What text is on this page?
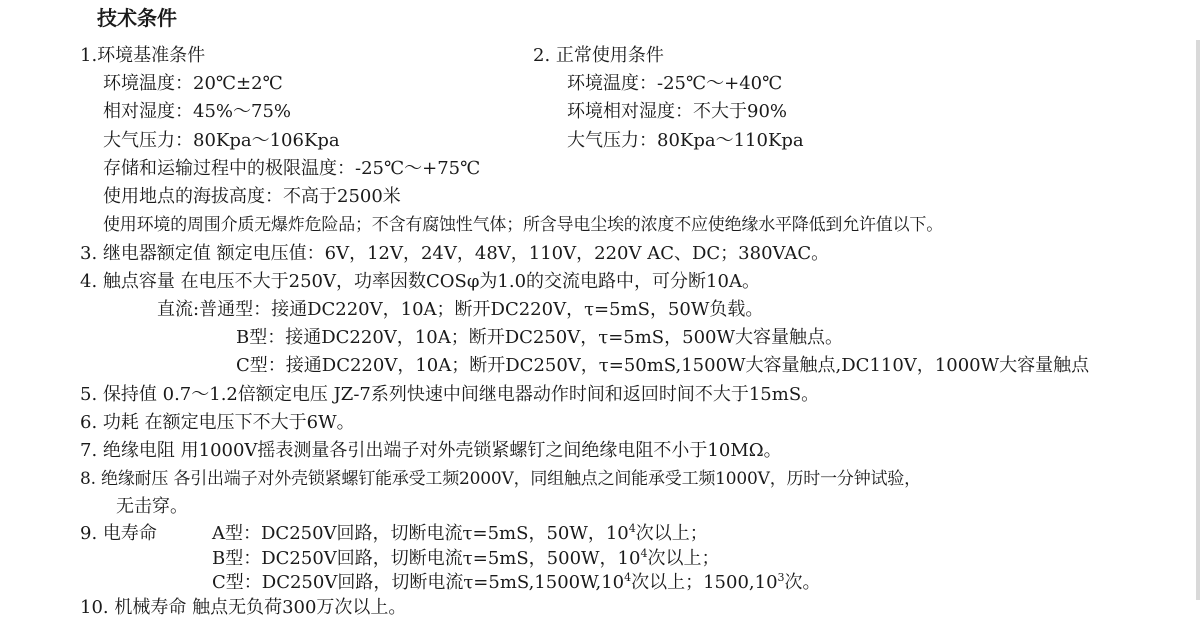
技术条件
1.环境基准条件	2. 正常使用条件
环境温度：20℃±2℃	环境温度：-25℃～+40℃
相对湿度：45%～75%	环境相对湿度：不大于90%
大气压力：80Kpa～106Kpa	大气压力：80Kpa～110Kpa
存储和运输过程中的极限温度：-25℃～+75℃
使用地点的海拔高度：不高于2500米
使用环境的周围介质无爆炸危险品；不含有腐蚀性气体；所含导电尘埃的浓度不应使绝缘水平降低到允许值以下。
3. 继电器额定值 额定电压值：6V，12V，24V，48V，110V，220V AC、DC；380VAC。
4. 触点容量 在电压不大于250V，功率因数COSφ为1.0的交流电路中，可分断10A。
直流:普通型：接通DC220V，10A；断开DC220V，τ=5mS，50W负载。
B型：接通DC220V，10A；断开DC250V，τ=5mS，500W大容量触点。
C型：接通DC220V，10A；断开DC250V，τ=50mS,1500W大容量触点,DC110V，1000W大容量触点
5. 保持值 0.7～1.2倍额定电压 JZ-7系列快速中间继电器动作时间和返回时间不大于15mS。
6. 功耗 在额定电压下不大于6W。
7. 绝缘电阻 用1000V摇表测量各引出端子对外壳锁紧螺钉之间绝缘电阻不小于10MΩ。
8. 绝缘耐压 各引出端子对外壳锁紧螺钉能承受工频2000V，同组触点之间能承受工频1000V，历时一分钟试验，
无击穿。
9. 电寿命	A型：DC250V回路，切断电流τ=5mS，50W，$10^4$次以上；
B型：DC250V回路，切断电流τ=5mS，500W，$10^4$次以上；
C型：DC250V回路，切断电流$\tau=5mS,1500W,10^4$次以上；1500,10$^3$次。
10. 机械寿命 触点无负荷300万次以上。
